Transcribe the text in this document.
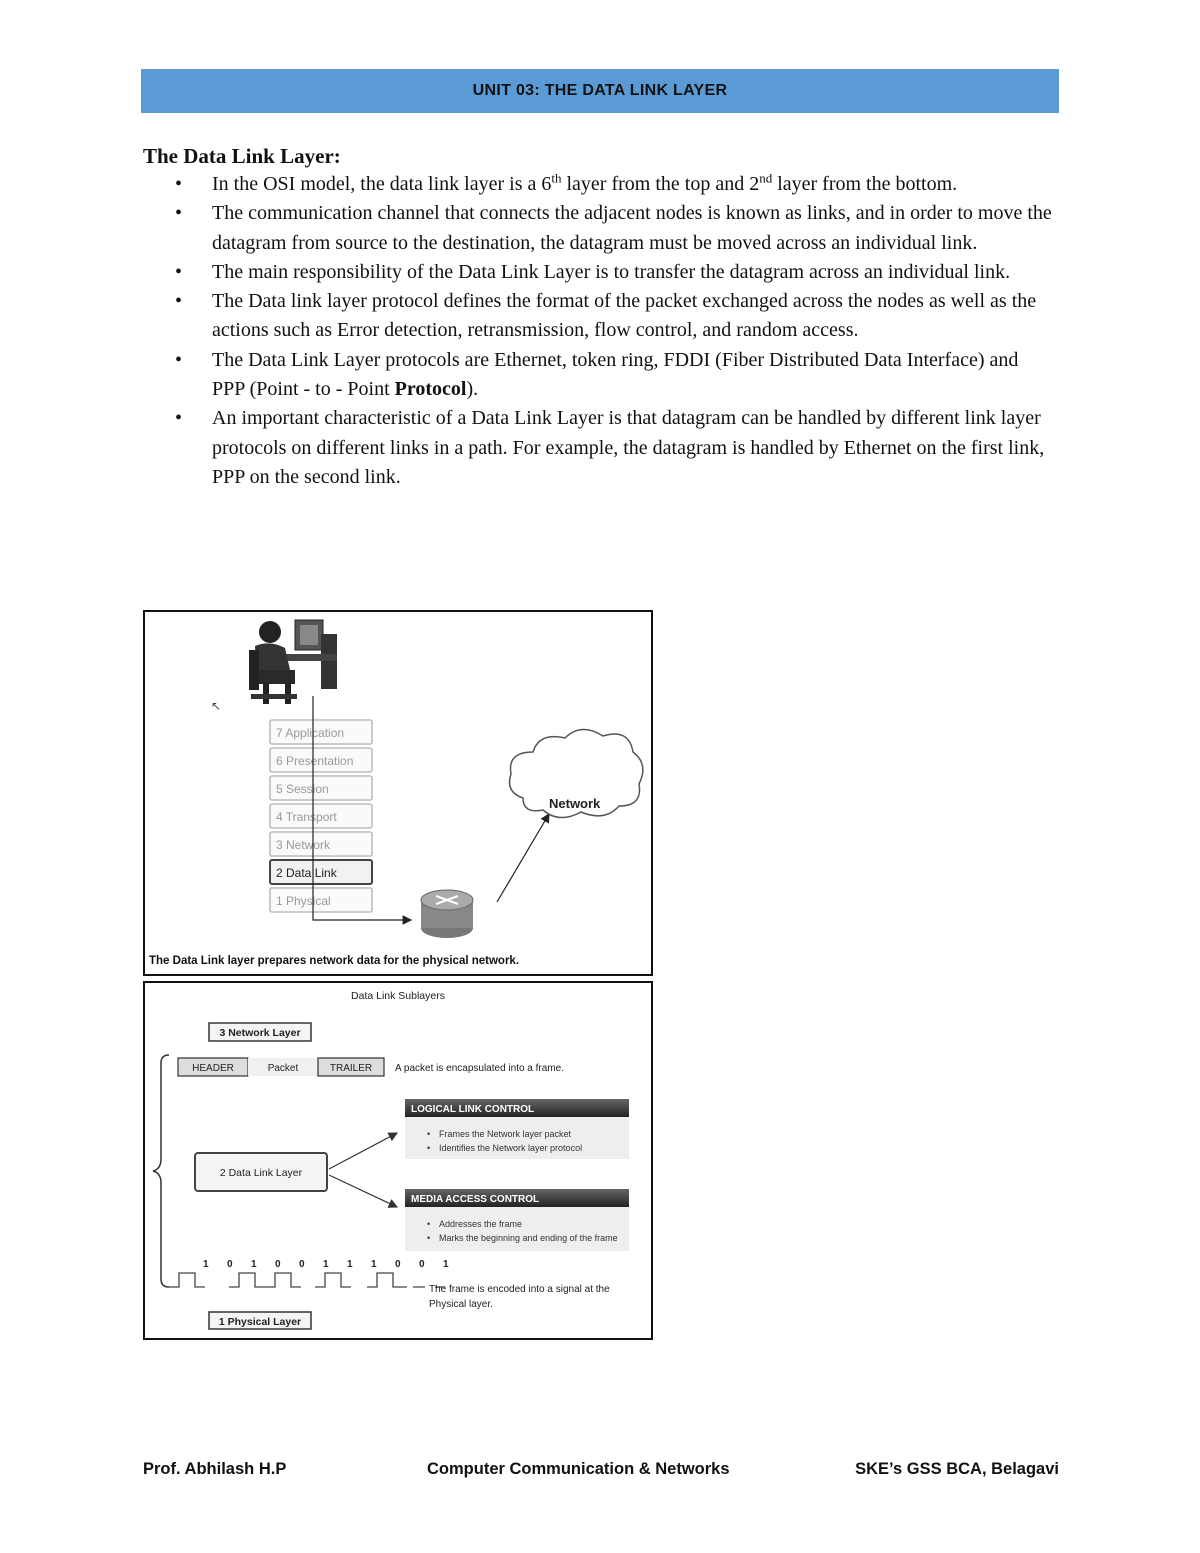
UNIT 03: THE DATA LINK LAYER
The Data Link Layer:
• In the OSI model, the data link layer is a 6th layer from the top and 2nd layer from the bottom.
• The communication channel that connects the adjacent nodes is known as links, and in order to move the datagram from source to the destination, the datagram must be moved across an individual link.
• The main responsibility of the Data Link Layer is to transfer the datagram across an individual link.
• The Data link layer protocol defines the format of the packet exchanged across the nodes as well as the actions such as Error detection, retransmission, flow control, and random access.
• The Data Link Layer protocols are Ethernet, token ring, FDDI (Fiber Distributed Data Interface) and PPP (Point - to - Point Protocol).
• An important characteristic of a Data Link Layer is that datagram can be handled by different link layer protocols on different links in a path. For example, the datagram is handled by Ethernet on the first link, PPP on the second link.
↖
7 Application
6 Presentation
5 Session
4 Transport
3 Network
2 Data Link
1 Physical
Network
The Data Link layer prepares network data for the physical network.
Data Link Sublayers
3 Network Layer
HEADER	Packet	TRAILER A packet is encapsulated into a frame.
2 Data Link Layer
LOGICAL LINK CONTROL
• Frames the Network layer packet
• Identifies the Network layer protocol
MEDIA ACCESS CONTROL
• Addresses the frame
• Marks the beginning and ending of the frame
1 0 1 0 0 1 1 1 0 0 1
The frame is encoded into a signal at the
Physical layer.
1 Physical Layer
Prof. Abhilash H.P	Computer Communication & Networks	SKE’s GSS BCA, Belagavi
